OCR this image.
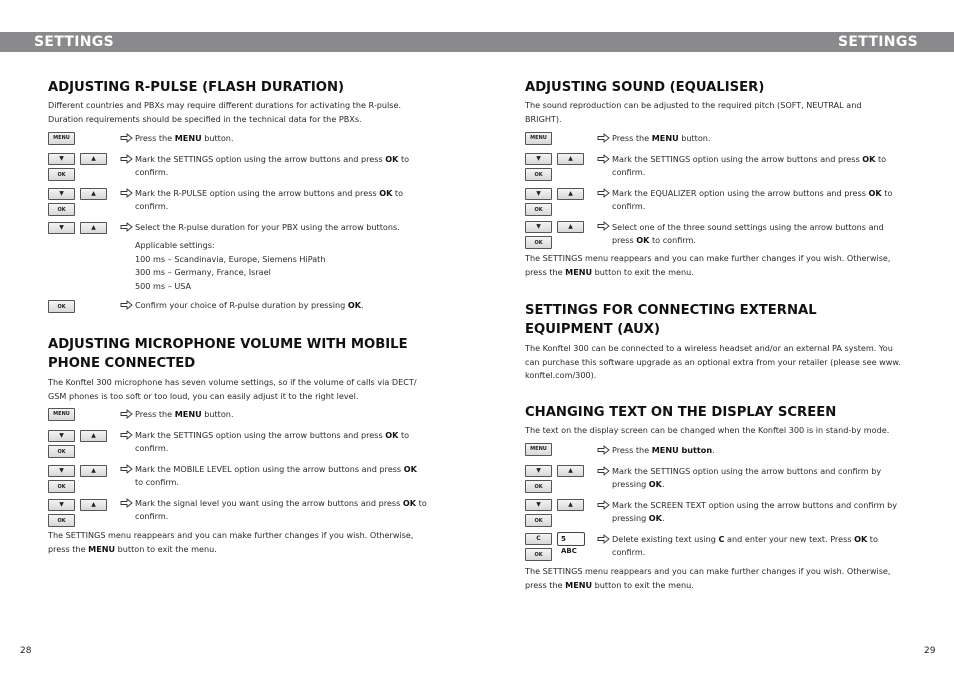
SETTINGS	SETTINGS
ADJUSTING R-PULSE (FLASH DURATION)
Different countries and PBXs may require different durations for activating the R-pulse. Duration requirements should be specified in the technical data for the PBXs.
MENU	Press the MENU button.
▼	▲
OK
Mark the SETTINGS option using the arrow buttons and press OK to confirm.
▼	▲
OK
Mark the R-PULSE option using the arrow buttons and press OK to confirm.
▼	▲	Select the R-pulse duration for your PBX using the arrow buttons.
Applicable settings:
100 ms – Scandinavia, Europe, Siemens HiPath
300 ms – Germany, France, Israel
500 ms – USA
OK	Confirm your choice of R-pulse duration by pressing OK.
ADJUSTING MICROPHONE VOLUME WITH MOBILE PHONE CONNECTED
The Konftel 300 microphone has seven volume settings, so if the volume of calls via DECT/ GSM phones is too soft or too loud, you can easily adjust it to the right level.
MENU	Press the MENU button.
▼	▲
OK
Mark the SETTINGS option using the arrow buttons and press OK to confirm.
▼	▲
OK
Mark the MOBILE LEVEL option using the arrow buttons and press OK to confirm.
▼	▲
OK
Mark the signal level you want using the arrow buttons and press OK to confirm.
The SETTINGS menu reappears and you can make further changes if you wish. Otherwise, press the MENU button to exit the menu.
28
ADJUSTING SOUND (EQUALISER)
The sound reproduction can be adjusted to the required pitch (SOFT, NEUTRAL and BRIGHT).
MENU	Press the MENU button.
▼	▲
OK
Mark the SETTINGS option using the arrow buttons and press OK to confirm.
▼	▲
OK
Mark the EQUALIZER option using the arrow buttons and press OK to confirm.
▼	▲
OK
Select one of the three sound settings using the arrow buttons and press OK to confirm.
The SETTINGS menu reappears and you can make further changes if you wish. Otherwise, press the MENU button to exit the menu.
SETTINGS FOR CONNECTING EXTERNAL EQUIPMENT (AUX)
The Konftel 300 can be connected to a wireless headset and/or an external PA system. You can purchase this software upgrade as an optional extra from your retailer (please see www. konftel.com/300).
CHANGING TEXT ON THE DISPLAY SCREEN
The text on the display screen can be changed when the Konftel 300 is in stand-by mode.
MENU	Press the MENU button.
▼	▲
OK
Mark the SETTINGS option using the arrow buttons and confirm by pressing OK.
▼	▲
OK
Mark the SCREEN TEXT option using the arrow buttons and confirm by pressing OK.
C	5 ABC
OK
Delete existing text using C and enter your new text. Press OK to confirm.
The SETTINGS menu reappears and you can make further changes if you wish. Otherwise, press the MENU button to exit the menu.
29
